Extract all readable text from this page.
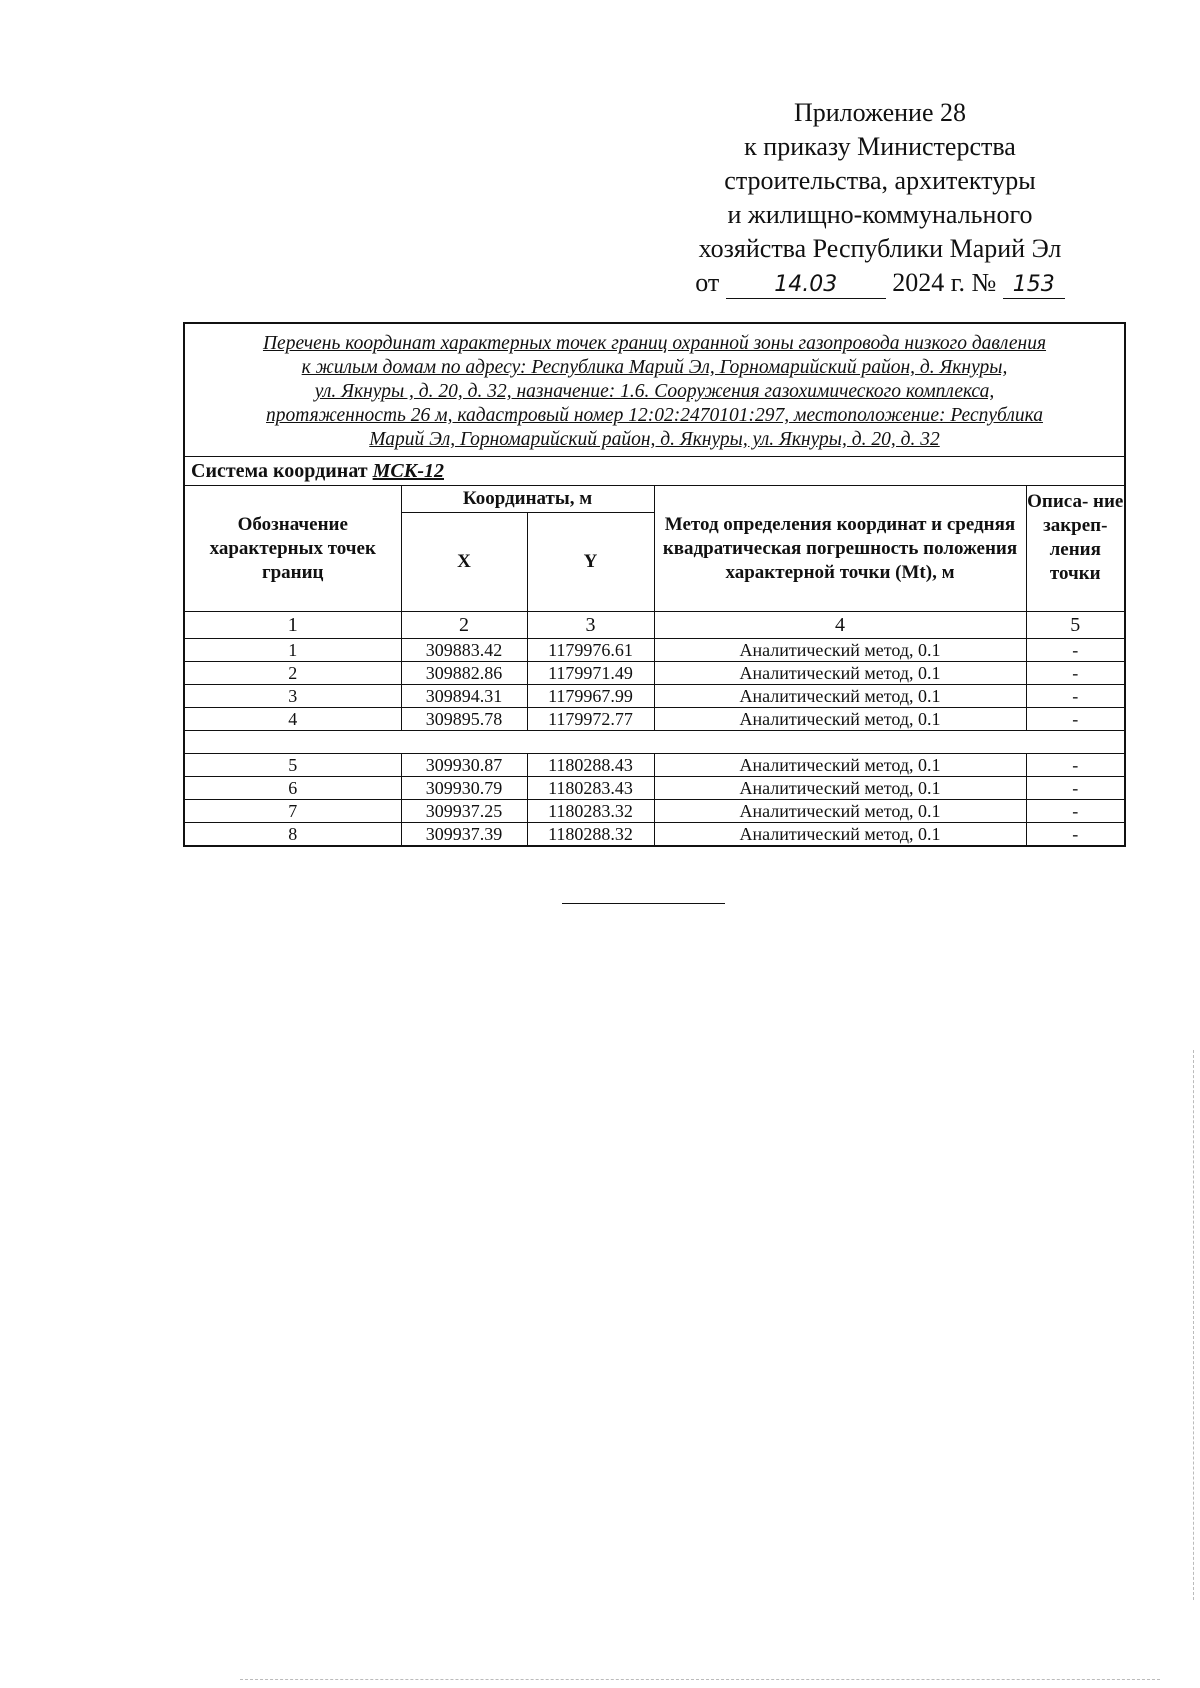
Приложение 28
к приказу Министерства
строительства, архитектуры
и жилищно-коммунального
хозяйства Республики Марий Эл
от	14.03 2024 г. № 153
Перечень координат характерных точек границ охранной зоны газопровода низкого давления
к жилым домам по адресу: Республика Марий Эл, Горномарийский район, д. Якнуры,
ул. Якнуры , д. 20, д. 32, назначение: 1.6. Сооружения газохимического комплекса,
протяженность 26 м, кадастровый номер 12:02:2470101:297, местоположение: Республика
Марий Эл, Горномарийский район, д. Якнуры, ул. Якнуры, д. 20, д. 32				

Система координат МСК-12				
Обозначение характерных точек границ	Координаты, м		Метод определения координат и средняя квадратическая погрешность положения характерной точки (Mt), м	Описа- ние закреп- ления точки
	X	Y		
1	2	3	4	5
1	309883.42	1179976.61	Аналитический метод, 0.1	-
2	309882.86	1179971.49	Аналитический метод, 0.1	-
3	309894.31	1179967.99	Аналитический метод, 0.1	-
4	309895.78	1179972.77	Аналитический метод, 0.1	-

5	309930.87	1180288.43	Аналитический метод, 0.1	-
6	309930.79	1180283.43	Аналитический метод, 0.1	-
7	309937.25	1180283.32	Аналитический метод, 0.1	-
8	309937.39	1180288.32	Аналитический метод, 0.1	-
